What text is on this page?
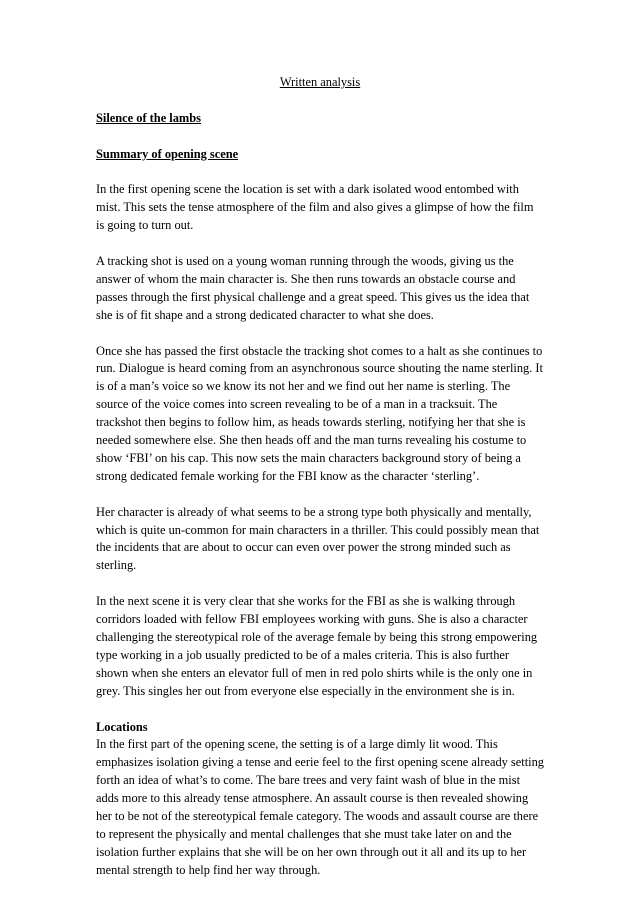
Written analysis
Silence of the lambs
Summary of opening scene

In the first opening scene the location is set with a dark isolated wood entombed with mist. This sets the tense atmosphere of the film and also gives a glimpse of how the film is going to turn out.

A tracking shot is used on a young woman running through the woods, giving us the answer of whom the main character is. She then runs towards an obstacle course and passes through the first physical challenge and a great speed. This gives us the idea that she is of fit shape and a strong dedicated character to what she does.

Once she has passed the first obstacle the tracking shot comes to a halt as she continues to run. Dialogue is heard coming from an asynchronous source shouting the name sterling. It is of a man’s voice so we know its not her and we find out her name is sterling. The source of the voice comes into screen revealing to be of a man in a tracksuit. The trackshot then begins to follow him, as heads towards sterling, notifying her that she is needed somewhere else. She then heads off and the man turns revealing his costume to show ‘FBI’ on his cap. This now sets the main characters background story of being a strong dedicated female working for the FBI know as the character ‘sterling’.

Her character is already of what seems to be a strong type both physically and mentally, which is quite un-common for main characters in a thriller. This could possibly mean that the incidents that are about to occur can even over power the strong minded such as sterling.

In the next scene it is very clear that she works for the FBI as she is walking through corridors loaded with fellow FBI employees working with guns. She is also a character challenging the stereotypical role of the average female by being this strong empowering type working in a job usually predicted to be of a males criteria. This is also further shown when she enters an elevator full of men in red polo shirts while is the only one in grey. This singles her out from everyone else especially in the environment she is in.

Locations

In the first part of the opening scene, the setting is of a large dimly lit wood. This emphasizes isolation giving a tense and eerie feel to the first opening scene already setting forth an idea of what’s to come. The bare trees and very faint wash of blue in the mist adds more to this already tense atmosphere. An assault course is then revealed showing her to be not of the stereotypical female category. The woods and assault course are there to represent the physically and mental challenges that she must take later on and the isolation further explains that she will be on her own through out it all and its up to her mental strength to help find her way through.
